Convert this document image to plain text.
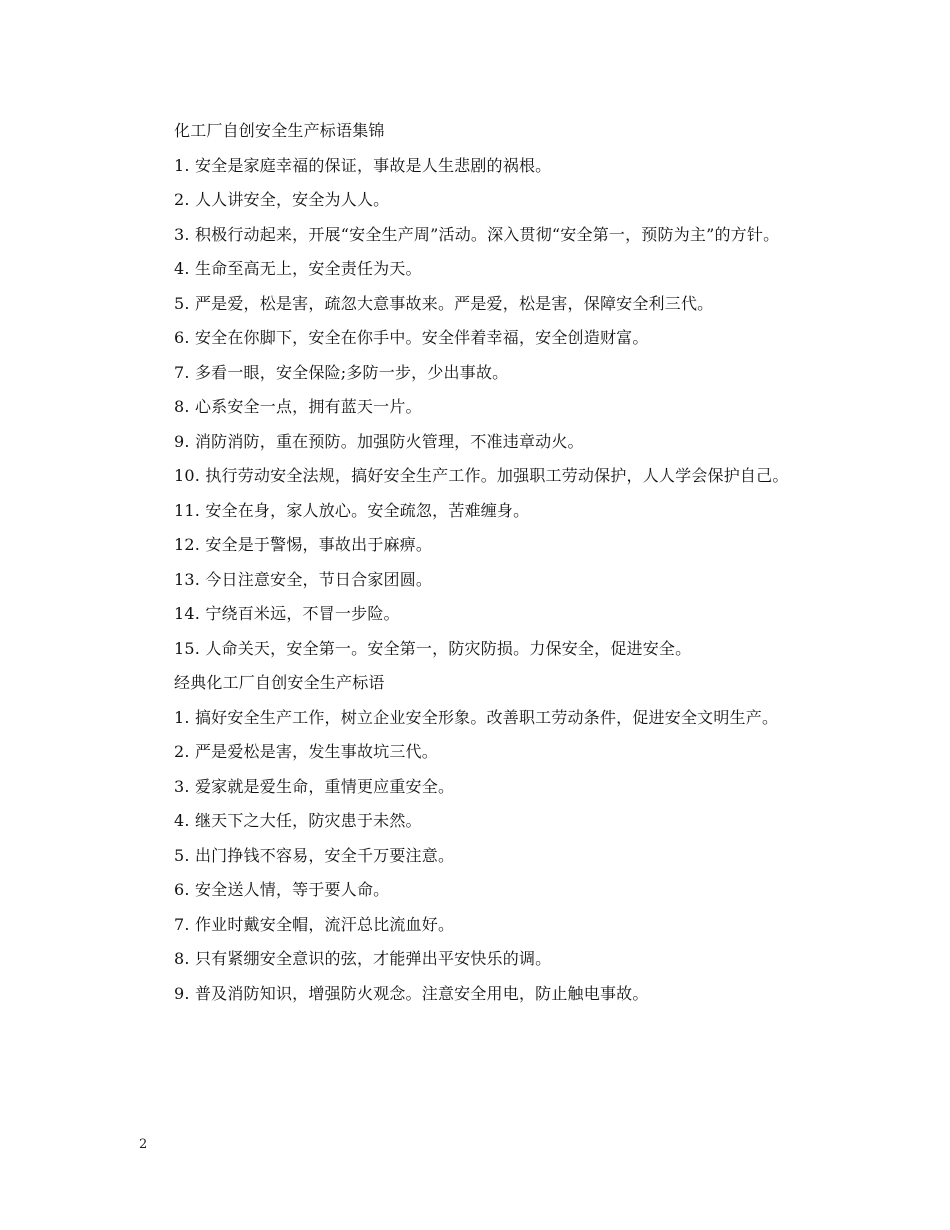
化工厂自创安全生产标语集锦

1. 安全是家庭幸福的保证，事故是人生悲剧的祸根。

2. 人人讲安全，安全为人人。

3. 积极行动起来，开展“安全生产周”活动。深入贯彻“安全第一，预防为主”的方针。

4. 生命至高无上，安全责任为天。

5. 严是爱，松是害，疏忽大意事故来。严是爱，松是害，保障安全利三代。

6. 安全在你脚下，安全在你手中。安全伴着幸福，安全创造财富。

7. 多看一眼，安全保险;多防一步，少出事故。

8. 心系安全一点，拥有蓝天一片。

9. 消防消防，重在预防。加强防火管理，不准违章动火。

10. 执行劳动安全法规，搞好安全生产工作。加强职工劳动保护，人人学会保护自己。

11. 安全在身，家人放心。安全疏忽，苦难缠身。

12. 安全是于警惕，事故出于麻痹。

13. 今日注意安全，节日合家团圆。

14. 宁绕百米远，不冒一步险。

15. 人命关天，安全第一。安全第一，防灾防损。力保安全，促进安全。

经典化工厂自创安全生产标语

1. 搞好安全生产工作，树立企业安全形象。改善职工劳动条件，促进安全文明生产。

2. 严是爱松是害，发生事故坑三代。

3. 爱家就是爱生命，重情更应重安全。

4. 继天下之大任，防灾患于未然。

5. 出门挣钱不容易，安全千万要注意。

6. 安全送人情，等于要人命。

7. 作业时戴安全帽，流汗总比流血好。

8. 只有紧绷安全意识的弦，才能弹出平安快乐的调。

9. 普及消防知识，增强防火观念。注意安全用电，防止触电事故。

2
